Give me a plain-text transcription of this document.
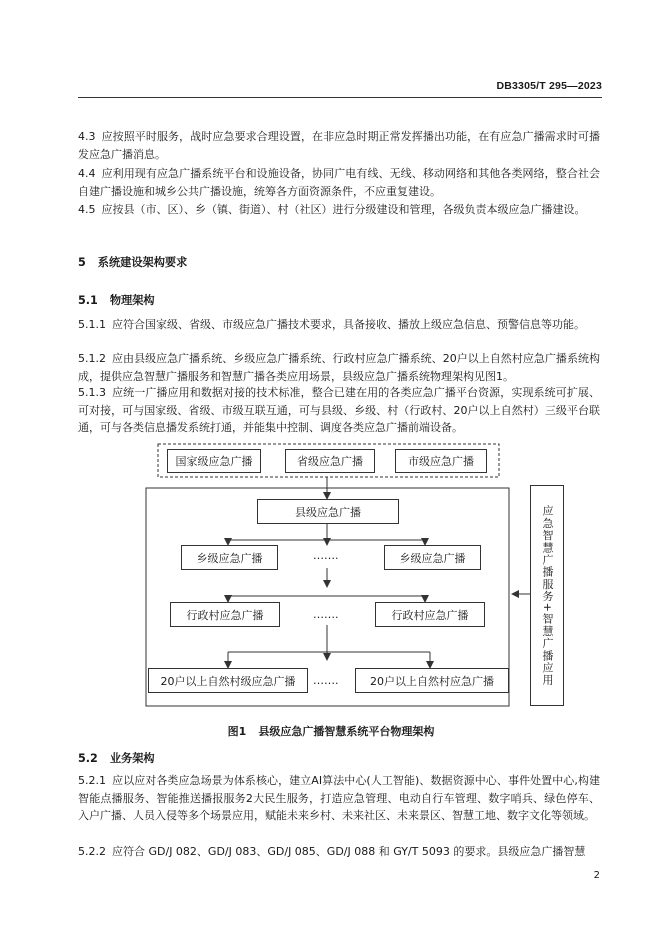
DB3305/T 295—2023

4.3 应按照平时服务，战时应急要求合理设置，在非应急时期正常发挥播出功能，在有应急广播需求时可播发应急广播消息。

4.4 应利用现有应急广播系统平台和设施设备，协同广电有线、无线、移动网络和其他各类网络，整合社会自建广播设施和城乡公共广播设施，统筹各方面资源条件，不应重复建设。

4.5 应按县（市、区）、乡（镇、街道）、村（社区）进行分级建设和管理，各级负责本级应急广播建设。

5 系统建设架构要求
5.1 物理架构

5.1.1 应符合国家级、省级、市级应急广播技术要求，具备接收、播放上级应急信息、预警信息等功能。

5.1.2 应由县级应急广播系统、乡级应急广播系统、行政村应急广播系统、20户以上自然村应急广播系统构成，提供应急智慧广播服务和智慧广播各类应用场景，县级应急广播系统物理架构见图1。

5.1.3 应统一广播应用和数据对接的技术标准，整合已建在用的各类应急广播平台资源，实现系统可扩展、可对接，可与国家级、省级、市级互联互通，可与县级、乡级、村（行政村、20户以上自然村）三级平台联通，可与各类信息播发系统打通，并能集中控制、调度各类应急广播前端设备。

国家级应急广播	省级应急广播	市级应急广播
县级应急广播
乡级应急广播	…….	乡级应急广播
行政村应急广播	…….	行政村应急广播
20户以上自然村级应急广播	…….	20户以上自然村应急广播	应急智慧广播服务+智慧广播应用
图1 县级应急广播智慧系统平台物理架构
5.2 业务架构

5.2.1 应以应对各类应急场景为体系核心，建立AI算法中心(人工智能)、数据资源中心、事件处置中心,构建智能点播服务、智能推送播报服务2大民生服务，打造应急管理、电动自行车管理、数字哨兵、绿色停车、入户广播、人员入侵等多个场景应用，赋能未来乡村、未来社区、未来景区、智慧工地、数字文化等领域。

5.2.2 应符合 GD/J 082、GD/J 083、GD/J 085、GD/J 088 和 GY/T 5093 的要求。县级应急广播智慧

2
